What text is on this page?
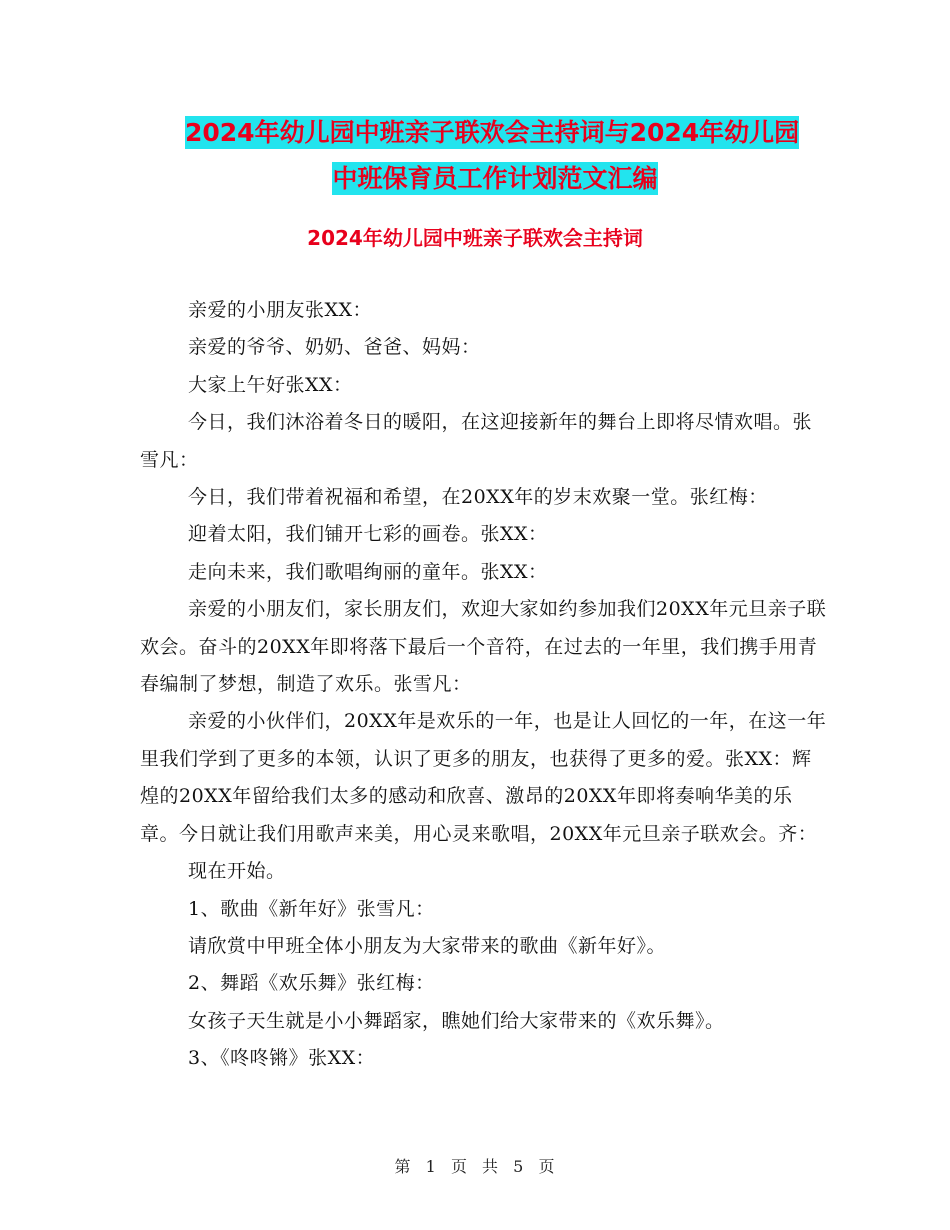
2024年幼儿园中班亲子联欢会主持词与2024年幼儿园
中班保育员工作计划范文汇编
2024年幼儿园中班亲子联欢会主持词

亲爱的小朋友张XX：

亲爱的爷爷、奶奶、爸爸、妈妈：

大家上午好张XX：

今日，我们沐浴着冬日的暖阳，在这迎接新年的舞台上即将尽情欢唱。张雪凡：

今日，我们带着祝福和希望，在20XX年的岁末欢聚一堂。张红梅：

迎着太阳，我们铺开七彩的画卷。张XX：

走向未来，我们歌唱绚丽的童年。张XX：

亲爱的小朋友们，家长朋友们，欢迎大家如约参加我们20XX年元旦亲子联欢会。奋斗的20XX年即将落下最后一个音符，在过去的一年里，我们携手用青春编制了梦想，制造了欢乐。张雪凡：

亲爱的小伙伴们，20XX年是欢乐的一年，也是让人回忆的一年，在这一年里我们学到了更多的本领，认识了更多的朋友，也获得了更多的爱。张XX：辉煌的20XX年留给我们太多的感动和欣喜、激昂的20XX年即将奏响华美的乐章。今日就让我们用歌声来美，用心灵来歌唱，20XX年元旦亲子联欢会。齐：

现在开始。

1、歌曲《新年好》张雪凡：

请欣赏中甲班全体小朋友为大家带来的歌曲《新年好》。

2、舞蹈《欢乐舞》张红梅：

女孩子天生就是小小舞蹈家，瞧她们给大家带来的《欢乐舞》。

3、《咚咚锵》张XX：

第 1 页 共 5 页
